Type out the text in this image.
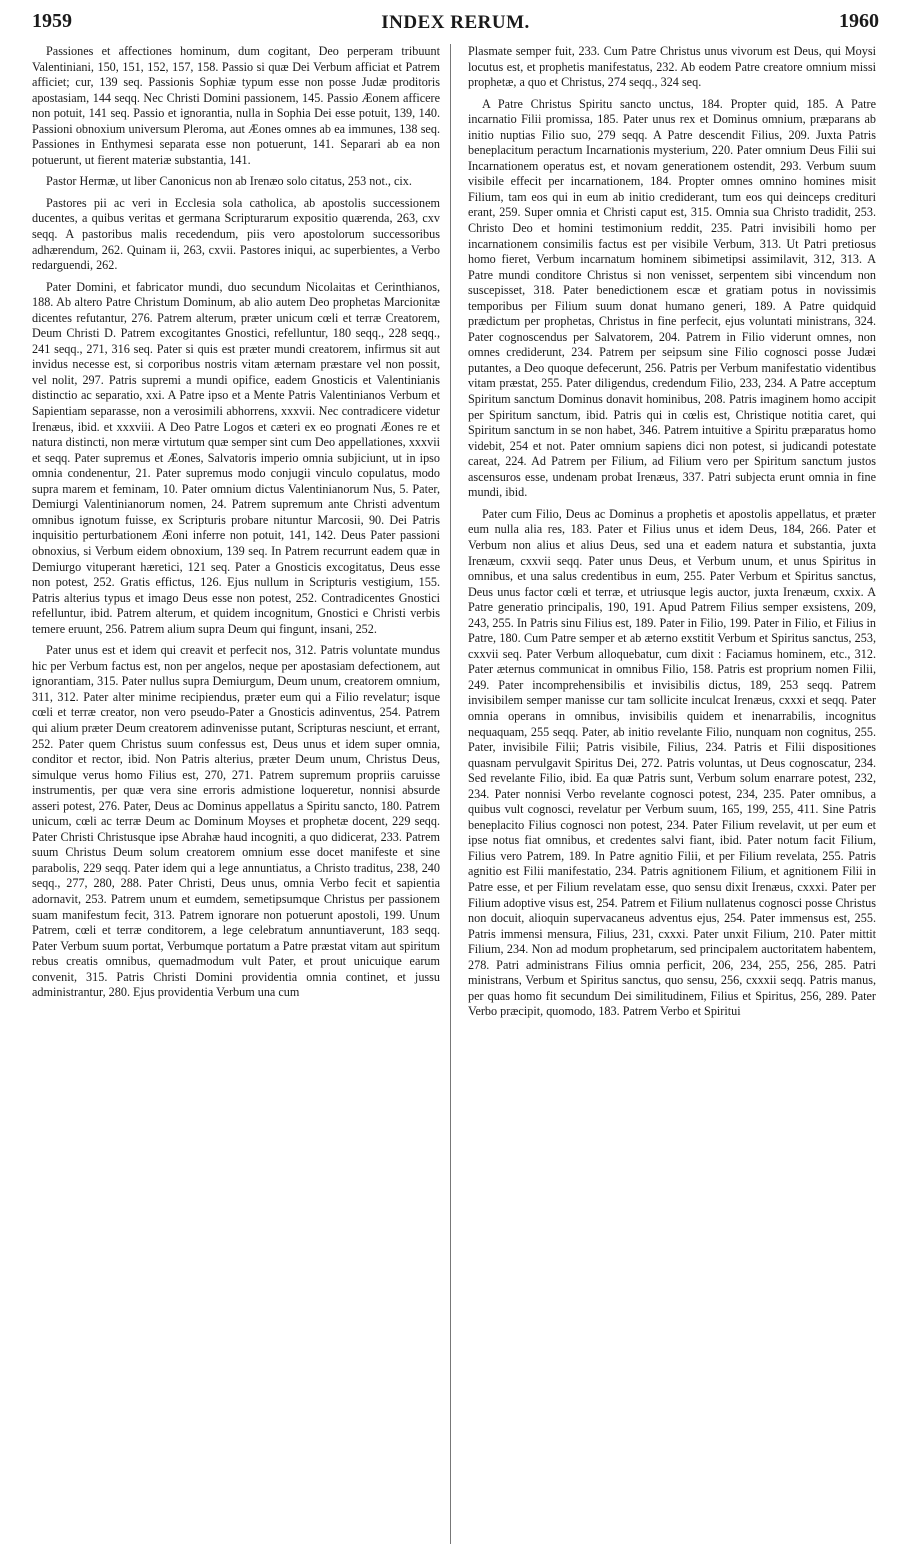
1959	INDEX RERUM.	1960

Passiones et affectiones hominum, dum cogitant, Deo perperam tribuunt Valentiniani, 150, 151, 152, 157, 158. Passio si quæ Dei Verbum afficiat et Patrem afficiet; cur, 139 seq. Passionis Sophiæ typum esse non posse Judæ proditoris apostasiam, 144 seqq. Nec Christi Domini passionem, 145. Passio Æonem afficere non potuit, 141 seq. Passio et ignorantia, nulla in Sophia Dei esse potuit, 139, 140. Passioni obnoxium universum Pleroma, aut Æones omnes ab ea immunes, 138 seq. Passiones in Enthymesi separata esse non potuerunt, 141. Separari ab ea non potuerunt, ut fierent materiæ substantia, 141.

Pastor Hermæ, ut liber Canonicus non ab Irenæo solo citatus, 253 not., cix.

Pastores pii ac veri in Ecclesia sola catholica, ab apostolis successionem ducentes, a quibus veritas et germana Scripturarum expositio quærenda, 263, cxv seqq. A pastoribus malis recedendum, piis vero apostolorum successoribus adhærendum, 262. Quinam ii, 263, cxvii. Pastores iniqui, ac superbientes, a Verbo redarguendi, 262.

Pater Domini, et fabricator mundi, duo secundum Nicolaitas et Cerinthianos, 188. Ab altero Patre Christum Dominum, ab alio autem Deo prophetas Marcionitæ dicentes refutantur, 276. Patrem alterum, præter unicum cœli et terræ Creatorem, Deum Christi D. Patrem excogitantes Gnostici, refelluntur, 180 seqq., 228 seqq., 241 seqq., 271, 316 seq. Pater si quis est præter mundi creatorem, infirmus sit aut invidus necesse est, si corporibus nostris vitam æternam præstare vel non possit, vel nolit, 297. Patris supremi a mundi opifice, eadem Gnosticis et Valentinianis distinctio ac separatio, xxi. A Patre ipso et a Mente Patris Valentinianos Verbum et Sapientiam separasse, non a verosimili abhorrens, xxxvii. Nec contradicere videtur Irenæus, ibid. et xxxviii. A Deo Patre Logos et cæteri ex eo prognati Æones re et natura distincti, non meræ virtutum quæ semper sint cum Deo appellationes, xxxvii et seqq. Pater supremus et Æones, Salvatoris imperio omnia subjiciunt, ut in ipso omnia condenentur, 21. Pater supremus modo conjugii vinculo copulatus, modo supra marem et feminam, 10. Pater omnium dictus Valentinianorum Nus, 5. Pater, Demiurgi Valentinianorum nomen, 24. Patrem supremum ante Christi adventum omnibus ignotum fuisse, ex Scripturis probare nituntur Marcosii, 90. Dei Patris inquisitio perturbationem Æoni inferre non potuit, 141, 142. Deus Pater passioni obnoxius, si Verbum eidem obnoxium, 139 seq. In Patrem recurrunt eadem quæ in Demiurgo vituperant hæretici, 121 seq. Pater a Gnosticis excogitatus, Deus esse non potest, 252. Gratis effictus, 126. Ejus nullum in Scripturis vestigium, 155. Patris alterius typus et imago Deus esse non potest, 252. Contradicentes Gnostici refelluntur, ibid. Patrem alterum, et quidem incognitum, Gnostici e Christi verbis temere eruunt, 256. Patrem alium supra Deum qui fingunt, insani, 252.

Pater unus est et idem qui creavit et perfecit nos, 312. Patris voluntate mundus hic per Verbum factus est, non per angelos, neque per apostasiam defectionem, aut ignorantiam, 315. Pater nullus supra Demiurgum, Deum unum, creatorem omnium, 311, 312. Pater alter minime recipiendus, præter eum qui a Filio revelatur; isque cœli et terræ creator, non vero pseudo-Pater a Gnosticis adinventus, 254. Patrem qui alium præter Deum creatorem adinvenisse putant, Scripturas nesciunt, et errant, 252. Pater quem Christus suum confessus est, Deus unus et idem super omnia, conditor et rector, ibid. Non Patris alterius, præter Deum unum, Christus Deus, simulque verus homo Filius est, 270, 271. Patrem supremum propriis caruisse instrumentis, per quæ vera sine erroris admistione loqueretur, nonnisi absurde asseri potest, 276. Pater, Deus ac Dominus appellatus a Spiritu sancto, 180. Patrem unicum, cœli ac terræ Deum ac Dominum Moyses et prophetæ docent, 229 seqq. Pater Christi Christusque ipse Abrahæ haud incogniti, a quo didicerat, 233. Patrem suum Christus Deum solum creatorem omnium esse docet manifeste et sine parabolis, 229 seqq. Pater idem qui a lege annuntiatus, a Christo traditus, 238, 240 seqq., 277, 280, 288. Pater Christi, Deus unus, omnia Verbo fecit et sapientia adornavit, 253. Patrem unum et eumdem, semetipsumque Christus per passionem suam manifestum fecit, 313. Patrem ignorare non potuerunt apostoli, 199. Unum Patrem, cœli et terræ conditorem, a lege celebratum annuntiaverunt, 183 seqq. Pater Verbum suum portat, Verbumque portatum a Patre præstat vitam aut spiritum rebus creatis omnibus, quemadmodum vult Pater, et prout unicuique earum convenit, 315. Patris Christi Domini providentia omnia continet, et jussu administrantur, 280. Ejus providentia Verbum una cum

Plasmate semper fuit, 233. Cum Patre Christus unus vivorum est Deus, qui Moysi locutus est, et prophetis manifestatus, 232. Ab eodem Patre creatore omnium missi prophetæ, a quo et Christus, 274 seqq., 324 seq.

A Patre Christus Spiritu sancto unctus, 184. Propter quid, 185. A Patre incarnatio Filii promissa, 185. Pater unus rex et Dominus omnium, præparans ab initio nuptias Filio suo, 279 seqq. A Patre descendit Filius, 209. Juxta Patris beneplacitum peractum Incarnationis mysterium, 220. Pater omnium Deus Filii sui Incarnationem operatus est, et novam generationem ostendit, 293. Verbum suum visibile effecit per incarnationem, 184. Propter omnes omnino homines misit Filium, tam eos qui in eum ab initio crediderant, tum eos qui deinceps credituri erant, 259. Super omnia et Christi caput est, 315. Omnia sua Christo tradidit, 253. Christo Deo et homini testimonium reddit, 235. Patri invisibili homo per incarnationem consimilis factus est per visibile Verbum, 313. Ut Patri pretiosus homo fieret, Verbum incarnatum hominem sibimetipsi assimilavit, 312, 313. A Patre mundi conditore Christus si non venisset, serpentem sibi vincendum non suscepisset, 318. Pater benedictionem escæ et gratiam potus in novissimis temporibus per Filium suum donat humano generi, 189. A Patre quidquid prædictum per prophetas, Christus in fine perfecit, ejus voluntati ministrans, 324. Pater cognoscendus per Salvatorem, 204. Patrem in Filio viderunt omnes, non omnes crediderunt, 234. Patrem per seipsum sine Filio cognosci posse Judæi putantes, a Deo quoque defecerunt, 256. Patris per Verbum manifestatio videntibus vitam præstat, 255. Pater diligendus, credendum Filio, 233, 234. A Patre acceptum Spiritum sanctum Dominus donavit hominibus, 208. Patris imaginem homo accipit per Spiritum sanctum, ibid. Patris qui in cœlis est, Christique notitia caret, qui Spiritum sanctum in se non habet, 346. Patrem intuitive a Spiritu præparatus homo videbit, 254 et not. Pater omnium sapiens dici non potest, si judicandi potestate careat, 224. Ad Patrem per Filium, ad Filium vero per Spiritum sanctum justos ascensuros esse, undenam probat Irenæus, 337. Patri subjecta erunt omnia in fine mundi, ibid.

Pater cum Filio, Deus ac Dominus a prophetis et apostolis appellatus, et præter eum nulla alia res, 183. Pater et Filius unus et idem Deus, 184, 266. Pater et Verbum non alius et alius Deus, sed una et eadem natura et substantia, juxta Irenæum, cxxvii seqq. Pater unus Deus, et Verbum unum, et unus Spiritus in omnibus, et una salus credentibus in eum, 255. Pater Verbum et Spiritus sanctus, Deus unus factor cœli et terræ, et utriusque legis auctor, juxta Irenæum, cxxix. A Patre generatio principalis, 190, 191. Apud Patrem Filius semper exsistens, 209, 243, 255. In Patris sinu Filius est, 189. Pater in Filio, 199. Pater in Filio, et Filius in Patre, 180. Cum Patre semper et ab æterno exstitit Verbum et Spiritus sanctus, 253, cxxvii seq. Pater Verbum alloquebatur, cum dixit : Faciamus hominem, etc., 312. Pater æternus communicat in omnibus Filio, 158. Patris est proprium nomen Filii, 249. Pater incomprehensibilis et invisibilis dictus, 189, 253 seqq. Patrem invisibilem semper manisse cur tam sollicite inculcat Irenæus, cxxxi et seqq. Pater omnia operans in omnibus, invisibilis quidem et inenarrabilis, incognitus nequaquam, 255 seqq. Pater, ab initio revelante Filio, nunquam non cognitus, 255. Pater, invisibile Filii; Patris visibile, Filius, 234. Patris et Filii dispositiones quasnam pervulgavit Spiritus Dei, 272. Patris voluntas, ut Deus cognoscatur, 234. Sed revelante Filio, ibid. Ea quæ Patris sunt, Verbum solum enarrare potest, 232, 234. Pater nonnisi Verbo revelante cognosci potest, 234, 235. Pater omnibus, a quibus vult cognosci, revelatur per Verbum suum, 165, 199, 255, 411. Sine Patris beneplacito Filius cognosci non potest, 234. Pater Filium revelavit, ut per eum et ipse notus fiat omnibus, et credentes salvi fiant, ibid. Pater notum facit Filium, Filius vero Patrem, 189. In Patre agnitio Filii, et per Filium revelata, 255. Patris agnitio est Filii manifestatio, 234. Patris agnitionem Filium, et agnitionem Filii in Patre esse, et per Filium revelatam esse, quo sensu dixit Irenæus, cxxxi. Pater per Filium adoptive visus est, 254. Patrem et Filium nullatenus cognosci posse Christus non docuit, alioquin supervacaneus adventus ejus, 254. Pater immensus est, 255. Patris immensi mensura, Filius, 231, cxxxi. Pater unxit Filium, 210. Pater mittit Filium, 234. Non ad modum prophetarum, sed principalem auctoritatem habentem, 278. Patri administrans Filius omnia perficit, 206, 234, 255, 256, 285. Patri ministrans, Verbum et Spiritus sanctus, quo sensu, 256, cxxxii seqq. Patris manus, per quas homo fit secundum Dei similitudinem, Filius et Spiritus, 256, 289. Pater Verbo præcipit, quomodo, 183. Patrem Verbo et Spiritui
